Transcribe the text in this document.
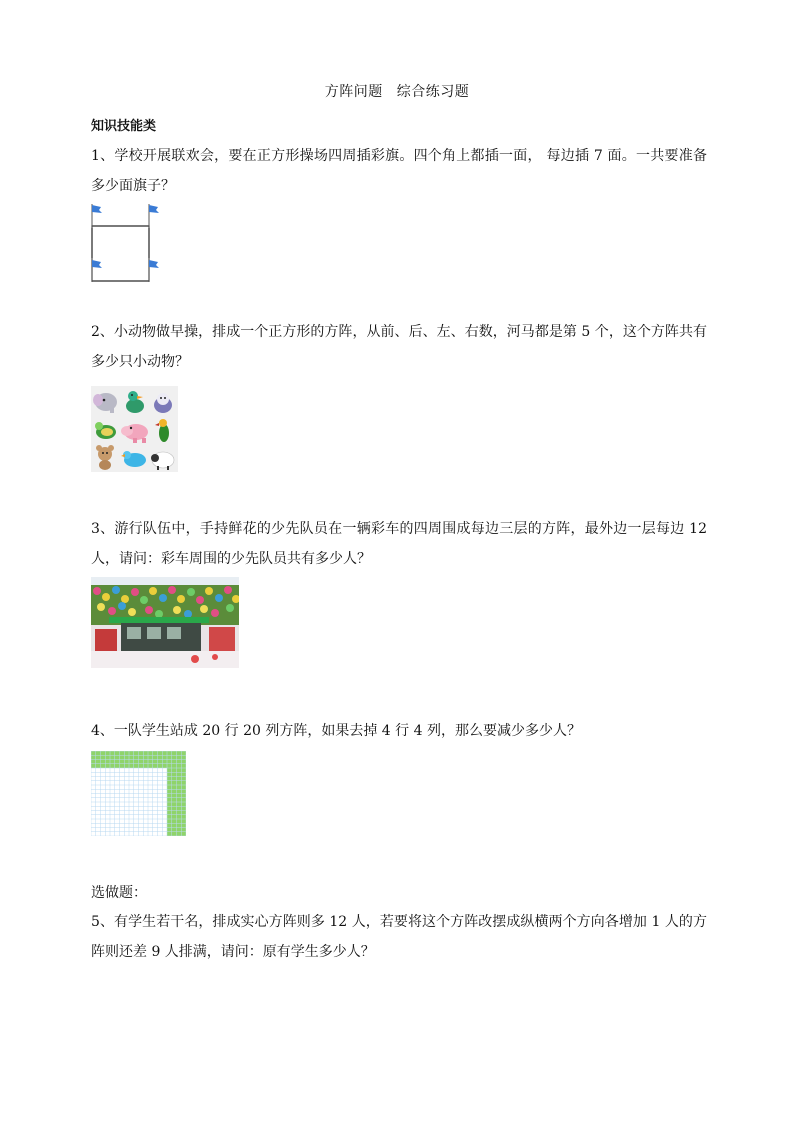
方阵问题 综合练习题
知识技能类
1、学校开展联欢会，要在正方形操场四周插彩旗。四个角上都插一面， 每边插 7 面。一共要准备多少面旗子？
2、小动物做早操，排成一个正方形的方阵，从前、后、左、右数，河马都是第 5 个，这个方阵共有多少只小动物？
3、游行队伍中，手持鲜花的少先队员在一辆彩车的四周围成每边三层的方阵，最外边一层每边 12 人，请问：彩车周围的少先队员共有多少人？
4、一队学生站成 20 行 20 列方阵，如果去掉 4 行 4 列，那么要减少多少人？
选做题：
5、有学生若干名，排成实心方阵则多 12 人，若要将这个方阵改摆成纵横两个方向各增加 1 人的方阵则还差 9 人排满，请问：原有学生多少人？
